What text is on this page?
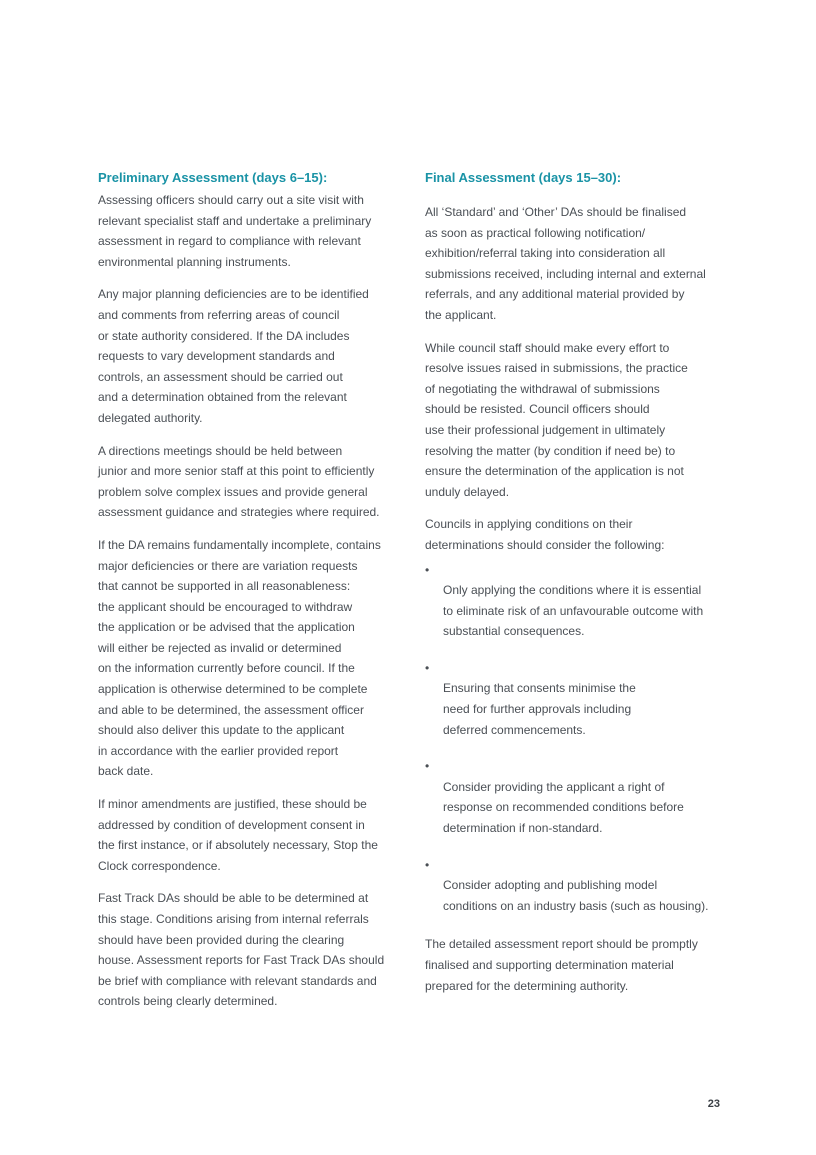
Preliminary Assessment (days 6–15):

Assessing officers should carry out a site visit with
relevant specialist staff and undertake a preliminary
assessment in regard to compliance with relevant
environmental planning instruments.

Any major planning deficiencies are to be identified
and comments from referring areas of council
or state authority considered. If the DA includes
requests to vary development standards and
controls, an assessment should be carried out
and a determination obtained from the relevant
delegated authority.

A directions meetings should be held between
junior and more senior staff at this point to efficiently
problem solve complex issues and provide general
assessment guidance and strategies where required.

If the DA remains fundamentally incomplete, contains
major deficiencies or there are variation requests
that cannot be supported in all reasonableness:
the applicant should be encouraged to withdraw
the application or be advised that the application
will either be rejected as invalid or determined
on the information currently before council. If the
application is otherwise determined to be complete
and able to be determined, the assessment officer
should also deliver this update to the applicant
in accordance with the earlier provided report
back date.

If minor amendments are justified, these should be
addressed by condition of development consent in
the first instance, or if absolutely necessary, Stop the
Clock correspondence.

Fast Track DAs should be able to be determined at
this stage. Conditions arising from internal referrals
should have been provided during the clearing
house. Assessment reports for Fast Track DAs should
be brief with compliance with relevant standards and
controls being clearly determined.

Final Assessment (days 15–30):

All ‘Standard’ and ‘Other’ DAs should be finalised
as soon as practical following notification/
exhibition/referral taking into consideration all
submissions received, including internal and external
referrals, and any additional material provided by
the applicant.

While council staff should make every effort to
resolve issues raised in submissions, the practice
of negotiating the withdrawal of submissions
should be resisted. Council officers should
use their professional judgement in ultimately
resolving the matter (by condition if need be) to
ensure the determination of the application is not
unduly delayed.

Councils in applying conditions on their
determinations should consider the following:

•
Only applying the conditions where it is essential
to eliminate risk of an unfavourable outcome with
substantial consequences.

•
Ensuring that consents minimise the
need for further approvals including
deferred commencements.

•
Consider providing the applicant a right of
response on recommended conditions before
determination if non-standard.

•
Consider adopting and publishing model
conditions on an industry basis (such as housing).

The detailed assessment report should be promptly
finalised and supporting determination material
prepared for the determining authority.

23
